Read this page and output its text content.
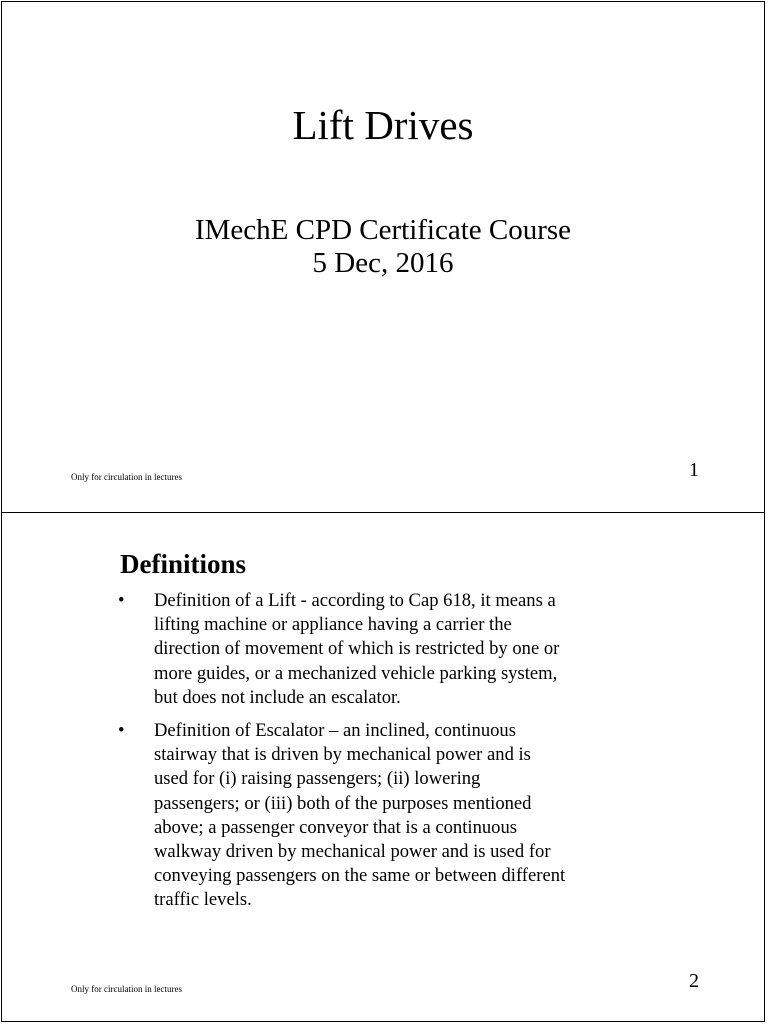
Lift Drives
IMechE CPD Certificate Course
5 Dec, 2016
Only for circulation in lectures	1
Definitions
•	Definition of a Lift - according to Cap 618, it means a
lifting machine or appliance having a carrier the
direction of movement of which is restricted by one or
more guides, or a mechanized vehicle parking system,
but does not include an escalator.
•	Definition of Escalator – an inclined, continuous
stairway that is driven by mechanical power and is
used for (i) raising passengers; (ii) lowering
passengers; or (iii) both of the purposes mentioned
above; a passenger conveyor that is a continuous
walkway driven by mechanical power and is used for
conveying passengers on the same or between different
traffic levels.
Only for circulation in lectures	2
